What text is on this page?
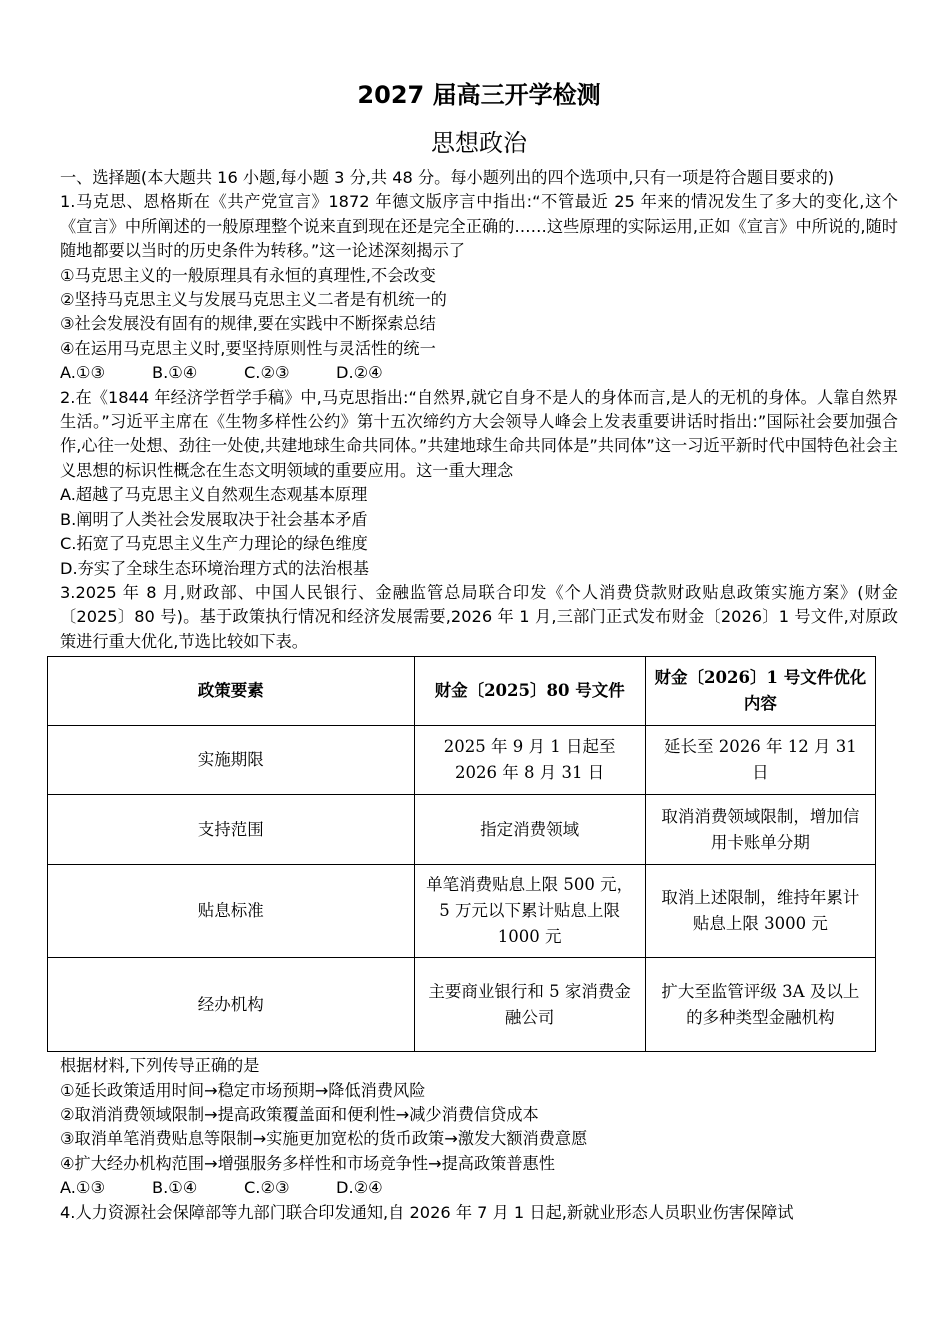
2027 届高三开学检测
思想政治

一、选择题(本大题共 16 小题,每小题 3 分,共 48 分。每小题列出的四个选项中,只有一项是符合题目要求的)

1.马克思、恩格斯在《共产党宣言》1872 年德文版序言中指出:“不管最近 25 年来的情况发生了多大的变化,这个《宣言》中所阐述的一般原理整个说来直到现在还是完全正确的……这些原理的实际运用,正如《宣言》中所说的,随时随地都要以当时的历史条件为转移。”这一论述深刻揭示了

①马克思主义的一般原理具有永恒的真理性,不会改变

②坚持马克思主义与发展马克思主义二者是有机统一的

③社会发展没有固有的规律,要在实践中不断探索总结

④在运用马克思主义时,要坚持原则性与灵活性的统一

A.①③	B.①④	C.②③	D.②④

2.在《1844 年经济学哲学手稿》中,马克思指出:“自然界,就它自身不是人的身体而言,是人的无机的身体。人靠自然界生活。”习近平主席在《生物多样性公约》第十五次缔约方大会领导人峰会上发表重要讲话时指出:”国际社会要加强合作,心往一处想、劲往一处使,共建地球生命共同体。”共建地球生命共同体是”共同体”这一习近平新时代中国特色社会主义思想的标识性概念在生态文明领域的重要应用。这一重大理念

A.超越了马克思主义自然观生态观基本原理

B.阐明了人类社会发展取决于社会基本矛盾

C.拓宽了马克思主义生产力理论的绿色维度

D.夯实了全球生态环境治理方式的法治根基

3.2025 年 8 月,财政部、中国人民银行、金融监管总局联合印发《个人消费贷款财政贴息政策实施方案》(财金〔2025〕80 号)。基于政策执行情况和经济发展需要,2026 年 1 月,三部门正式发布财金〔2026〕1 号文件,对原政策进行重大优化,节选比较如下表。

政策要素	财金〔2025〕80 号文件	财金〔2026〕1 号文件优化内容
实施期限	2025 年 9 月 1 日起至 2026 年 8 月 31 日	延长至 2026 年 12 月 31 日
支持范围	指定消费领域	取消消费领域限制，增加信用卡账单分期
贴息标准	单笔消费贴息上限 500 元，5 万元以下累计贴息上限 1000 元	取消上述限制，维持年累计贴息上限 3000 元
经办机构	主要商业银行和 5 家消费金融公司	扩大至监管评级 3A 及以上的多种类型金融机构

根据材料,下列传导正确的是

①延长政策适用时间→稳定市场预期→降低消费风险

②取消消费领域限制→提高政策覆盖面和便利性→减少消费信贷成本

③取消单笔消费贴息等限制→实施更加宽松的货币政策→激发大额消费意愿

④扩大经办机构范围→增强服务多样性和市场竞争性→提高政策普惠性

A.①③	B.①④	C.②③	D.②④

4.人力资源社会保障部等九部门联合印发通知,自 2026 年 7 月 1 日起,新就业形态人员职业伤害保障试
